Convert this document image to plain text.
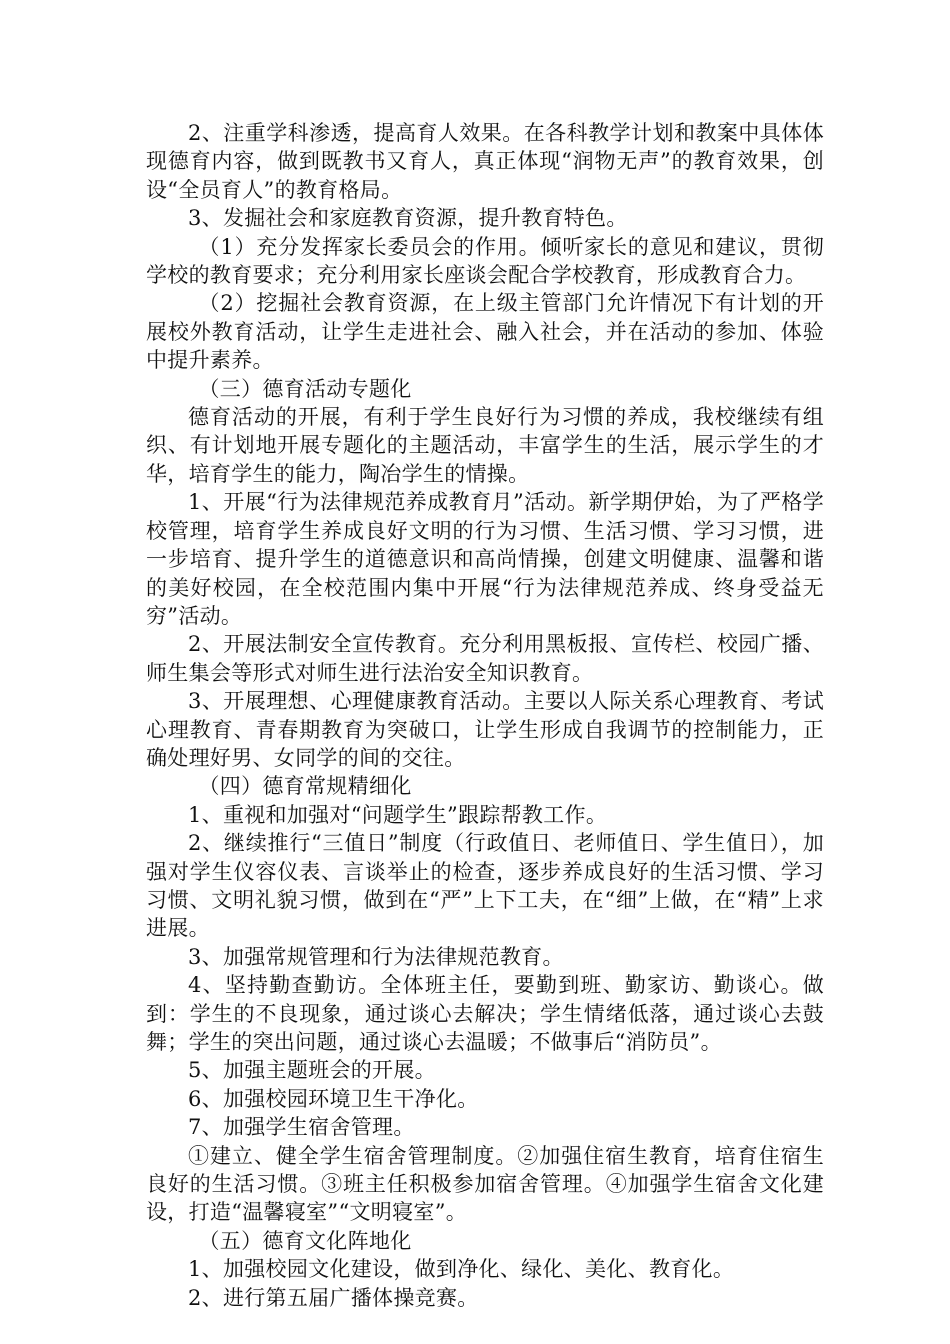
2、注重学科渗透，提高育人效果。在各科教学计划和教案中具体体现德育内容，做到既教书又育人，真正体现“润物无声”的教育效果，创设“全员育人”的教育格局。

3、发掘社会和家庭教育资源，提升教育特色。

（1）充分发挥家长委员会的作用。倾听家长的意见和建议，贯彻学校的教育要求；充分利用家长座谈会配合学校教育，形成教育合力。

（2）挖掘社会教育资源，在上级主管部门允许情况下有计划的开展校外教育活动，让学生走进社会、融入社会，并在活动的参加、体验中提升素养。

（三）德育活动专题化

德育活动的开展，有利于学生良好行为习惯的养成，我校继续有组织、有计划地开展专题化的主题活动，丰富学生的生活，展示学生的才华，培育学生的能力，陶冶学生的情操。

1、开展“行为法律规范养成教育月”活动。新学期伊始，为了严格学校管理，培育学生养成良好文明的行为习惯、生活习惯、学习习惯，进一步培育、提升学生的道德意识和高尚情操，创建文明健康、温馨和谐的美好校园，在全校范围内集中开展“行为法律规范养成、终身受益无穷”活动。

2、开展法制安全宣传教育。充分利用黑板报、宣传栏、校园广播、师生集会等形式对师生进行法治安全知识教育。

3、开展理想、心理健康教育活动。主要以人际关系心理教育、考试心理教育、青春期教育为突破口，让学生形成自我调节的控制能力，正确处理好男、女同学的间的交往。

（四）德育常规精细化

1、重视和加强对“问题学生”跟踪帮教工作。

2、继续推行“三值日”制度（行政值日、老师值日、学生值日），加强对学生仪容仪表、言谈举止的检查，逐步养成良好的生活习惯、学习习惯、文明礼貌习惯，做到在“严”上下工夫，在“细”上做，在“精”上求进展。

3、加强常规管理和行为法律规范教育。

4、坚持勤查勤访。全体班主任，要勤到班、勤家访、勤谈心。做到：学生的不良现象，通过谈心去解决；学生情绪低落，通过谈心去鼓舞；学生的突出问题，通过谈心去温暖；不做事后“消防员”。

5、加强主题班会的开展。

6、加强校园环境卫生干净化。

7、加强学生宿舍管理。

①建立、健全学生宿舍管理制度。②加强住宿生教育，培育住宿生良好的生活习惯。③班主任积极参加宿舍管理。④加强学生宿舍文化建设，打造“温馨寝室”“文明寝室”。

（五）德育文化阵地化

1、加强校园文化建设，做到净化、绿化、美化、教育化。

2、进行第五届广播体操竞赛。
